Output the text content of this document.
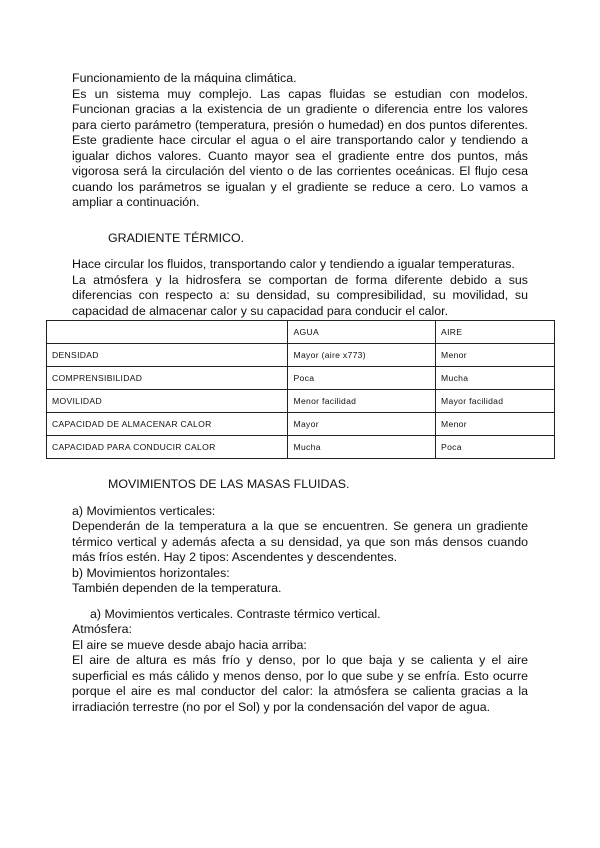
Funcionamiento de la máquina climática.

Es un sistema muy complejo. Las capas fluidas se estudian con modelos. Funcionan gracias a la existencia de un gradiente o diferencia entre los valores para cierto parámetro (temperatura, presión o humedad) en dos puntos diferentes. Este gradiente hace circular el agua o el aire transportando calor y tendiendo a igualar dichos valores. Cuanto mayor sea el gradiente entre dos puntos, más vigorosa será la circulación del viento o de las corrientes oceánicas. El flujo cesa cuando los parámetros se igualan y el gradiente se reduce a cero. Lo vamos a ampliar a continuación.

GRADIENTE TÉRMICO.

Hace circular los fluidos, transportando calor y tendiendo a igualar temperaturas.

La atmósfera y la hidrosfera se comportan de forma diferente debido a sus diferencias con respecto a: su densidad, su compresibilidad, su movilidad, su capacidad de almacenar calor y su capacidad para conducir el calor.

	AGUA	AIRE
DENSIDAD	Mayor (aire x773)	Menor
COMPRENSIBILIDAD	Poca	Mucha
MOVILIDAD	Menor facilidad	Mayor facilidad
CAPACIDAD DE ALMACENAR CALOR	Mayor	Menor
CAPACIDAD PARA CONDUCIR CALOR	Mucha	Poca
MOVIMIENTOS DE LAS MASAS FLUIDAS.

a) Movimientos verticales:

Dependerán de la temperatura a la que se encuentren. Se genera un gradiente térmico vertical y además afecta a su densidad, ya que son más densos cuando más fríos estén. Hay 2 tipos: Ascendentes y descendentes.

b) Movimientos horizontales:

También dependen de la temperatura.

a) Movimientos verticales. Contraste térmico vertical.

Atmósfera:

El aire se mueve desde abajo hacia arriba:

El aire de altura es más frío y denso, por lo que baja y se calienta y el aire superficial es más cálido y menos denso, por lo que sube y se enfría. Esto ocurre porque el aire es mal conductor del calor: la atmósfera se calienta gracias a la irradiación terrestre (no por el Sol) y por la condensación del vapor de agua.
